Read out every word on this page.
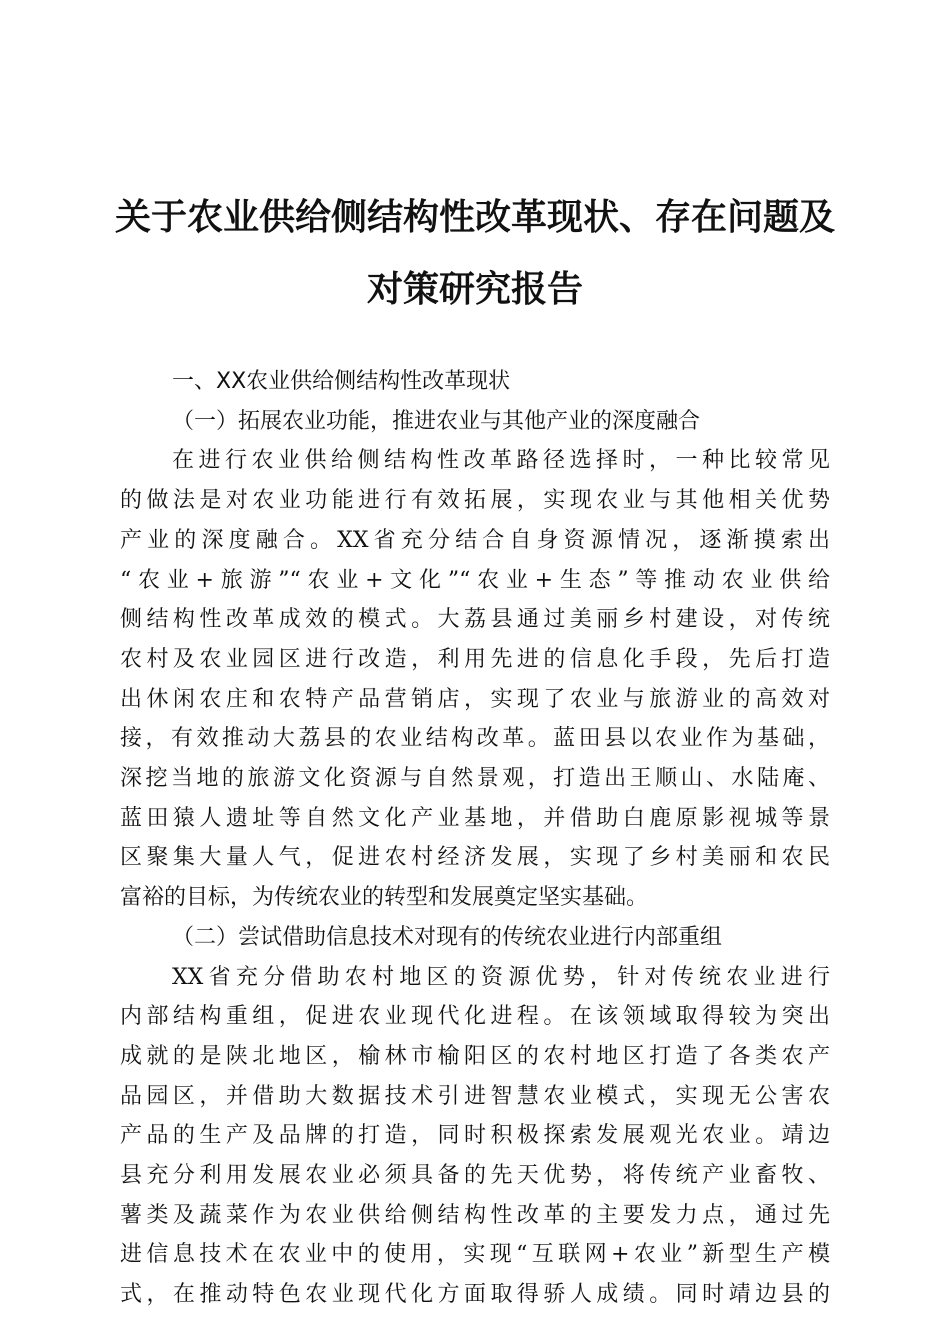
关于农业供给侧结构性改革现状、存在问题及
对策研究报告

一、XX农业供给侧结构性改革现状

（一）拓展农业功能，推进农业与其他产业的深度融合

在进行农业供给侧结构性改革路径选择时，一种比较常见
的做法是对农业功能进行有效拓展，实现农业与其他相关优势
产业的深度融合。XX省充分结合自身资源情况，逐渐摸索出
“农业+旅游”“农业+文化”“农业+生态”等推动农业供给
侧结构性改革成效的模式。大荔县通过美丽乡村建设，对传统
农村及农业园区进行改造，利用先进的信息化手段，先后打造
出休闲农庄和农特产品营销店，实现了农业与旅游业的高效对
接，有效推动大荔县的农业结构改革。蓝田县以农业作为基础，
深挖当地的旅游文化资源与自然景观，打造出王顺山、水陆庵、
蓝田猿人遗址等自然文化产业基地，并借助白鹿原影视城等景
区聚集大量人气，促进农村经济发展，实现了乡村美丽和农民
富裕的目标，为传统农业的转型和发展奠定坚实基础。

（二）尝试借助信息技术对现有的传统农业进行内部重组

XX省充分借助农村地区的资源优势，针对传统农业进行
内部结构重组，促进农业现代化进程。在该领域取得较为突出
成就的是陕北地区，榆林市榆阳区的农村地区打造了各类农产
品园区，并借助大数据技术引进智慧农业模式，实现无公害农
产品的生产及品牌的打造，同时积极探索发展观光农业。靖边
县充分利用发展农业必须具备的先天优势，将传统产业畜牧、
薯类及蔬菜作为农业供给侧结构性改革的主要发力点，通过先
进信息技术在农业中的使用，实现“互联网+农业”新型生产模
式，在推动特色农业现代化方面取得骄人成绩。同时靖边县的
